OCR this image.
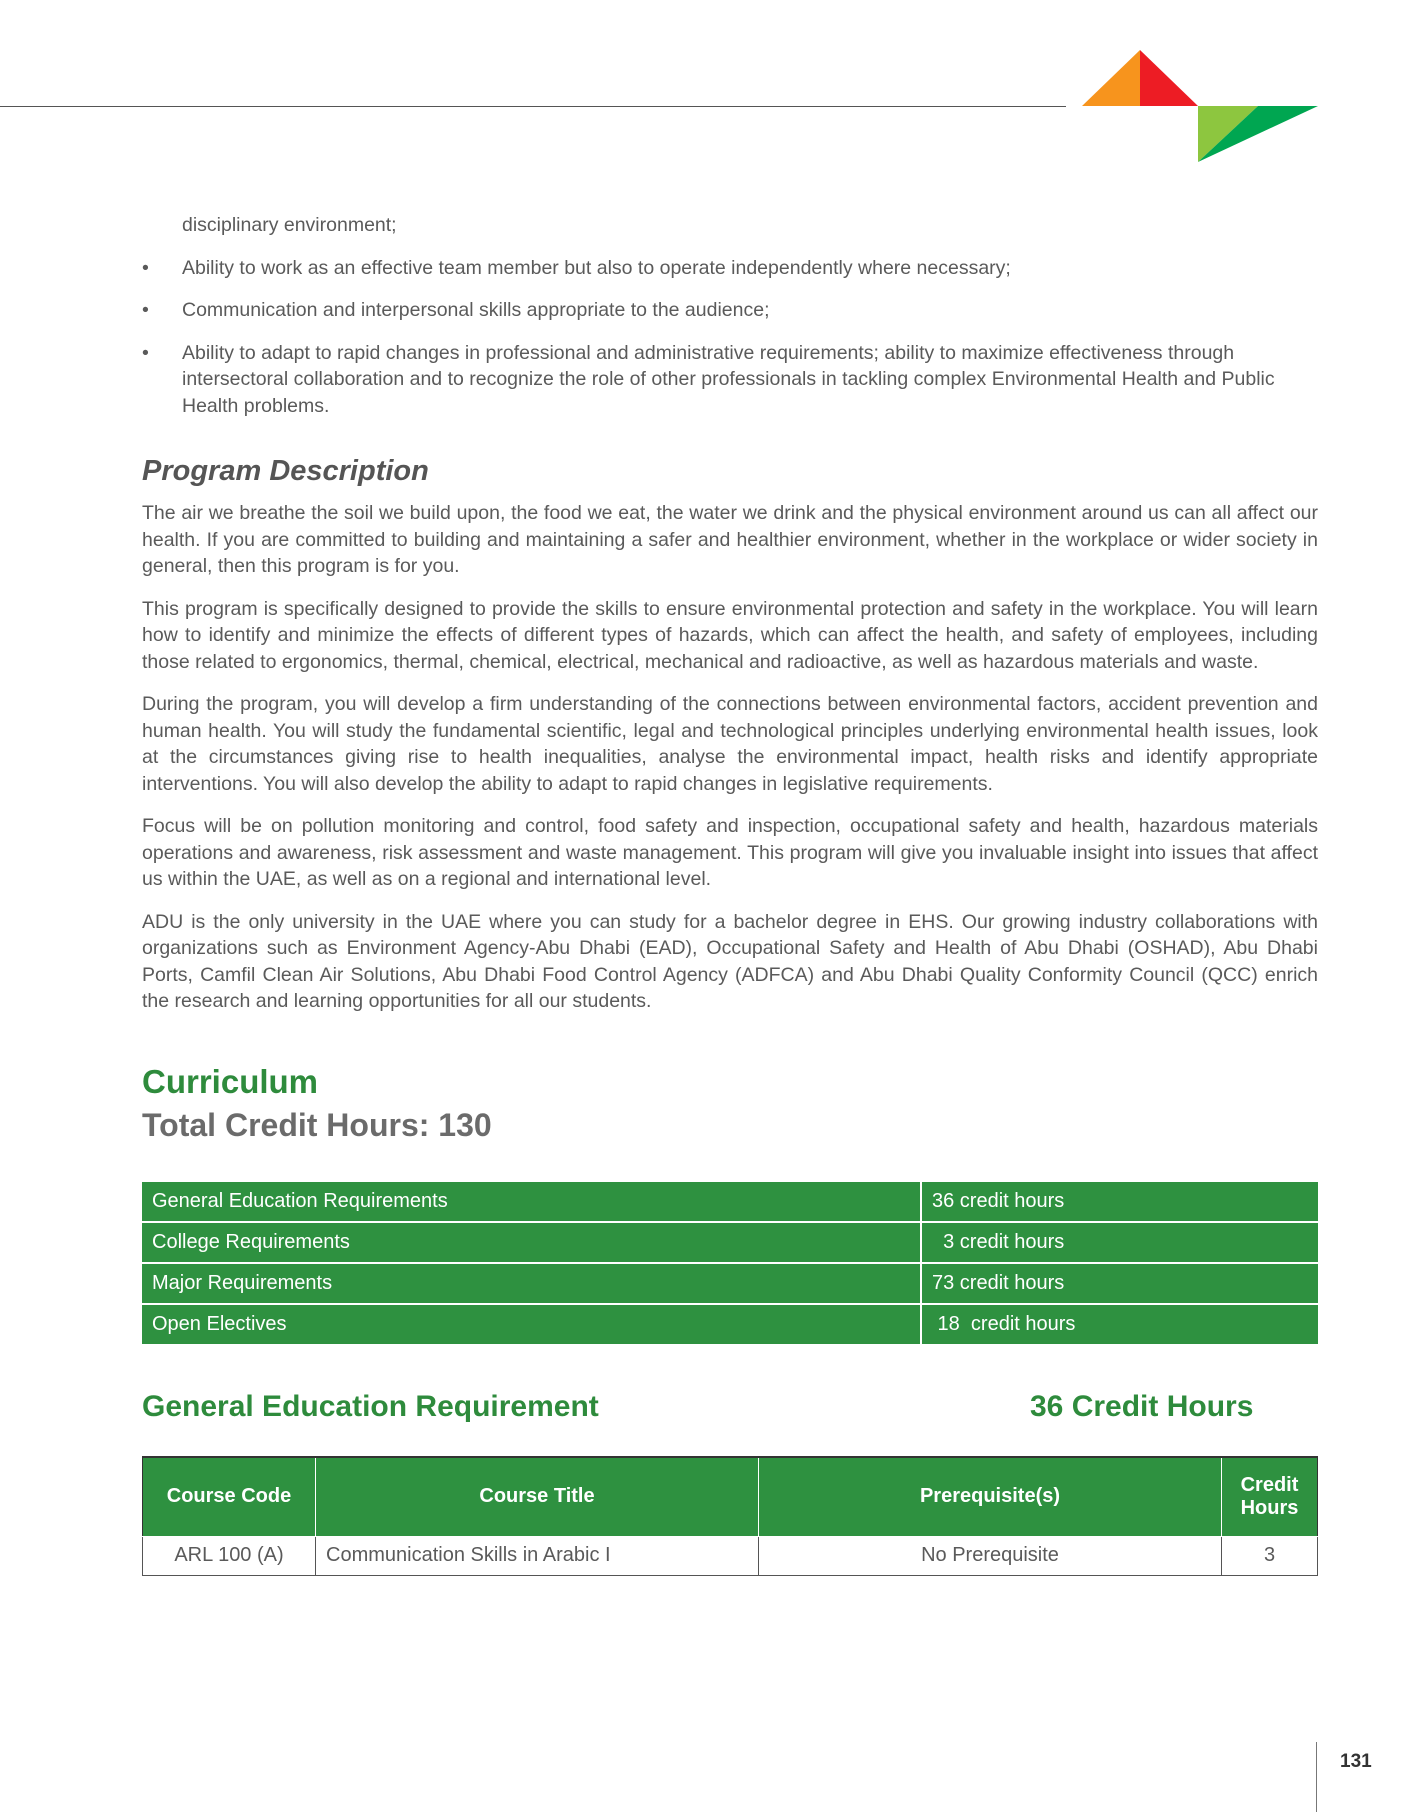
disciplinary environment;
• Ability to work as an effective team member but also to operate independently where necessary;
• Communication and interpersonal skills appropriate to the audience;
• Ability to adapt to rapid changes in professional and administrative requirements; ability to maximize effectiveness through intersectoral collaboration and to recognize the role of other professionals in tackling complex Environmental Health and Public Health problems.
Program Description

The air we breathe the soil we build upon, the food we eat, the water we drink and the physical environment around us can all affect our health. If you are committed to building and maintaining a safer and healthier environment, whether in the workplace or wider society in general, then this program is for you.

This program is specifically designed to provide the skills to ensure environmental protection and safety in the workplace. You will learn how to identify and minimize the effects of different types of hazards, which can affect the health, and safety of employees, including those related to ergonomics, thermal, chemical, electrical, mechanical and radioactive, as well as hazardous materials and waste.

During the program, you will develop a firm understanding of the connections between environmental factors, accident prevention and human health. You will study the fundamental scientific, legal and technological principles underlying environmental health issues, look at the circumstances giving rise to health inequalities, analyse the environmental impact, health risks and identify appropriate interventions. You will also develop the ability to adapt to rapid changes in legislative requirements.

Focus will be on pollution monitoring and control, food safety and inspection, occupational safety and health, hazardous materials operations and awareness, risk assessment and waste management. This program will give you invaluable insight into issues that affect us within the UAE, as well as on a regional and international level.

ADU is the only university in the UAE where you can study for a bachelor degree in EHS. Our growing industry collaborations with organizations such as Environment Agency-Abu Dhabi (EAD), Occupational Safety and Health of Abu Dhabi (OSHAD), Abu Dhabi Ports, Camfil Clean Air Solutions, Abu Dhabi Food Control Agency (ADFCA) and Abu Dhabi Quality Conformity Council (QCC) enrich the research and learning opportunities for all our students.

Curriculum
Total Credit Hours: 130
General Education Requirements	36 credit hours
College Requirements	3 credit hours
Major Requirements	73 credit hours
Open Electives	18  credit hours
General Education Requirement	36 Credit Hours
Course Code	Course Title	Prerequisite(s)	Credit Hours
ARL 100 (A)	Communication Skills in Arabic I	No Prerequisite	3
131
